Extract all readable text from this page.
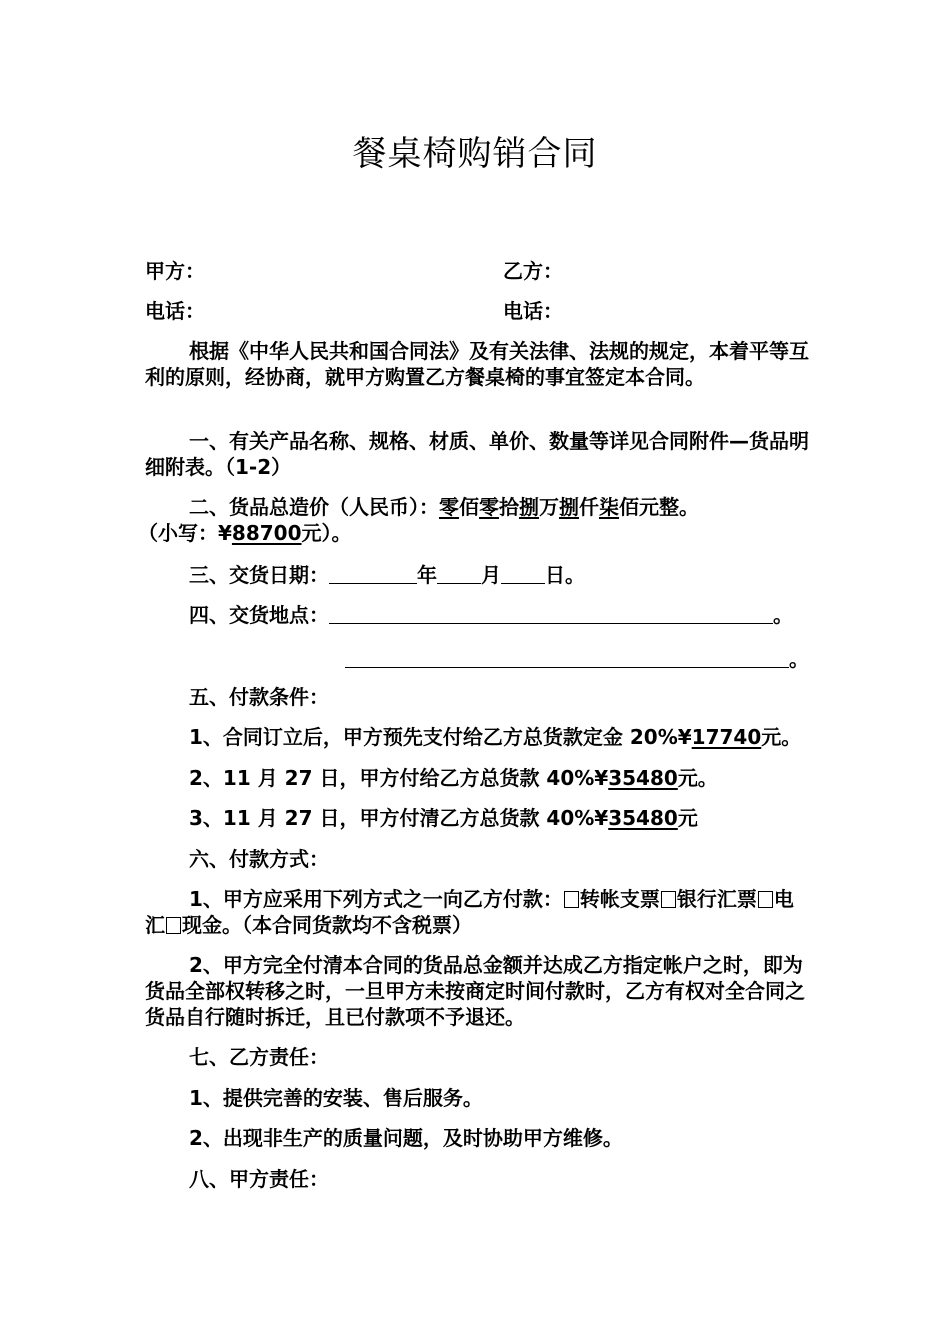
餐桌椅购销合同
甲方：	乙方：
电话：	电话：
根据《中华人民共和国合同法》及有关法律、法规的规定，本着平等互利的原则，经协商，就甲方购置乙方餐桌椅的事宜签定本合同。
一、有关产品名称、规格、材质、单价、数量等详见合同附件—货品明细附表。（1-2）
二、货品总造价（人民币）：零佰零拾捌万捌仟柒佰元整。
（小写：¥88700元）。
三、交货日期：	年 月 日。
四、交货地点：	。
。
五、付款条件：
1、合同订立后，甲方预先支付给乙方总货款定金 20%¥17740元。
2、11 月 27 日，甲方付给乙方总货款 40%¥35480元。
3、11 月 27 日，甲方付清乙方总货款 40%¥35480元
六、付款方式：
1、甲方应采用下列方式之一向乙方付款： 转帐支票 银行汇票 电汇 现金。（本合同货款均不含税票）
2、甲方完全付清本合同的货品总金额并达成乙方指定帐户之时，即为货品全部权转移之时，一旦甲方未按商定时间付款时，乙方有权对全合同之货品自行随时拆迁，且已付款项不予退还。
七、乙方责任：
1、提供完善的安装、售后服务。
2、出现非生产的质量问题，及时协助甲方维修。
八、甲方责任：
